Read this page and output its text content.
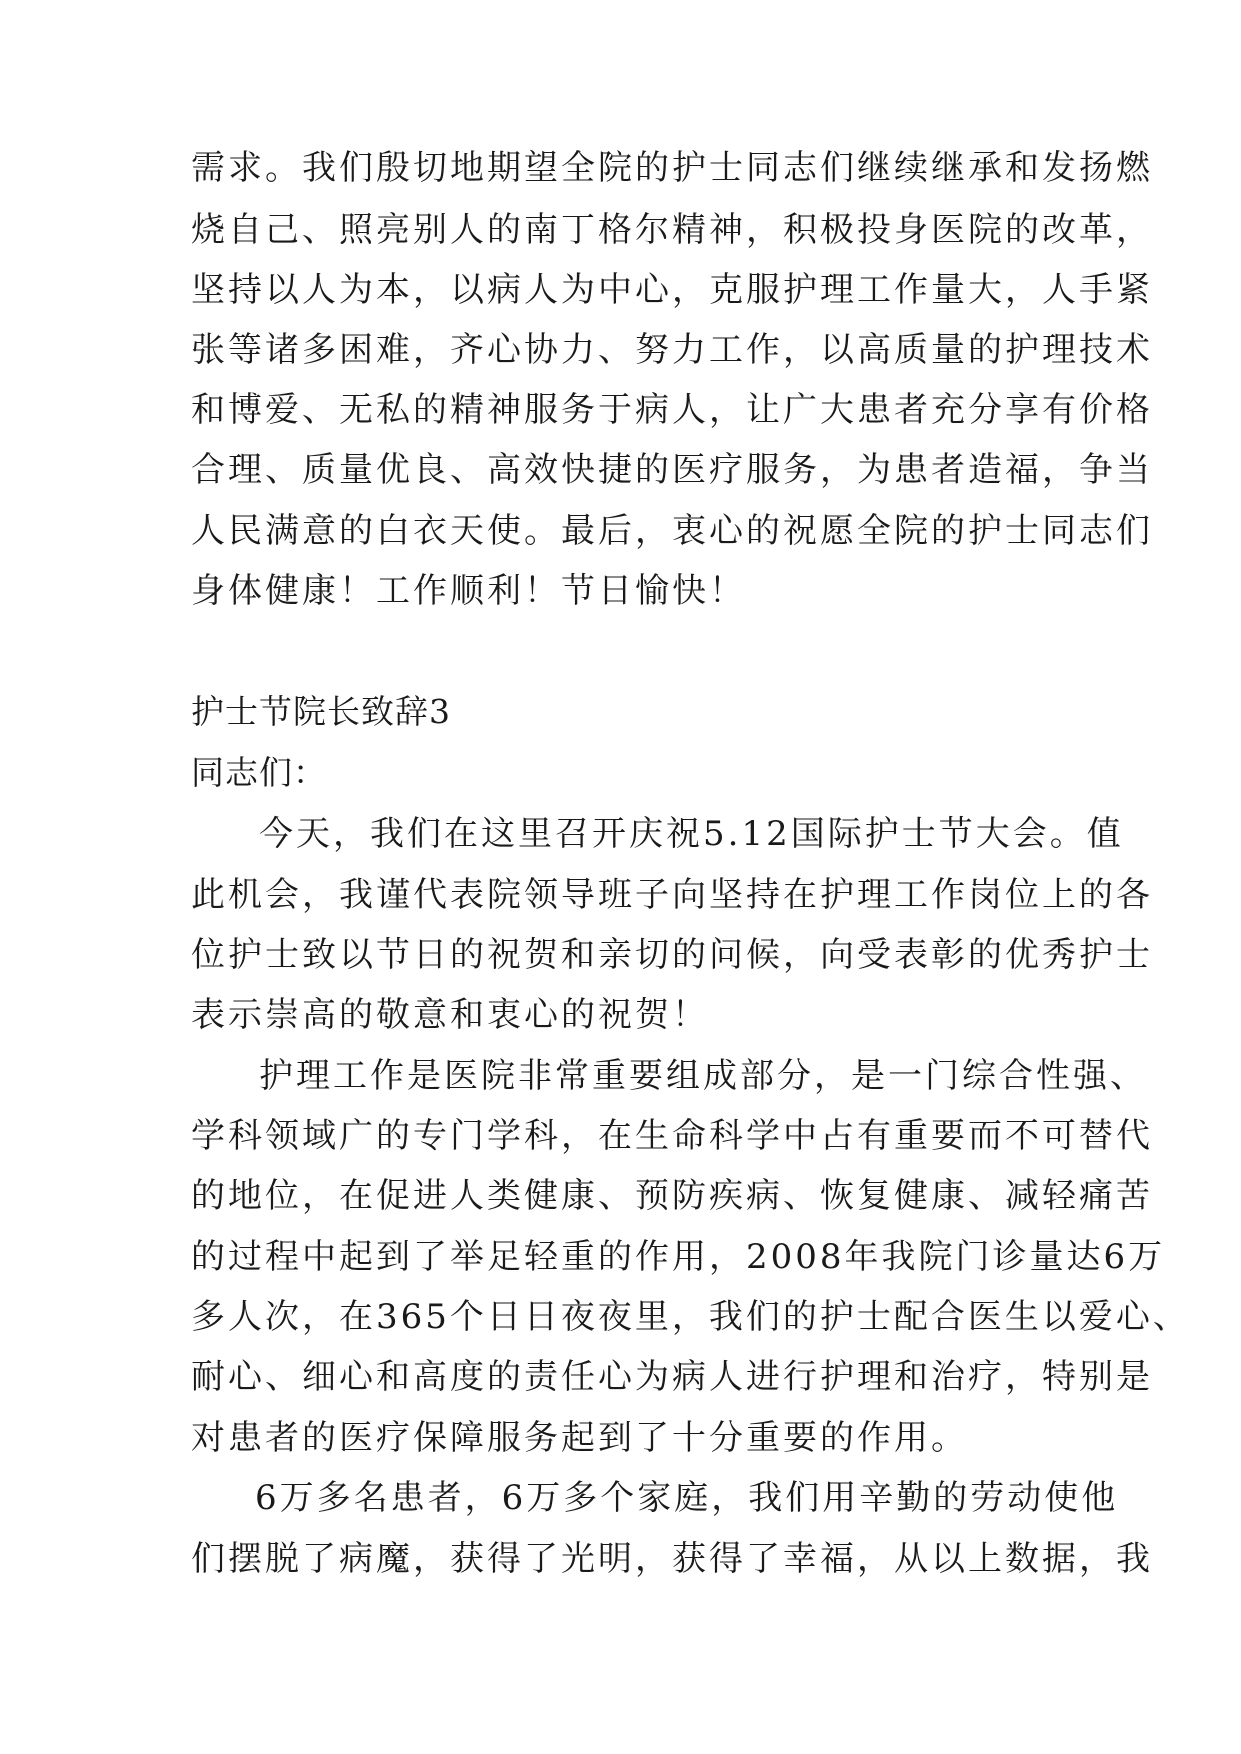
需求。我们殷切地期望全院的护士同志们继续继承和发扬燃
烧自己、照亮别人的南丁格尔精神，积极投身医院的改革，
坚持以人为本，以病人为中心，克服护理工作量大，人手紧
张等诸多困难，齐心协力、努力工作，以高质量的护理技术
和博爱、无私的精神服务于病人，让广大患者充分享有价格
合理、质量优良、高效快捷的医疗服务，为患者造福，争当
人民满意的白衣天使。最后，衷心的祝愿全院的护士同志们
身体健康！工作顺利！节日愉快！
护士节院长致辞3
同志们：
今天，我们在这里召开庆祝5.12国际护士节大会。值
此机会，我谨代表院领导班子向坚持在护理工作岗位上的各
位护士致以节日的祝贺和亲切的问候，向受表彰的优秀护士
表示崇高的敬意和衷心的祝贺！
护理工作是医院非常重要组成部分，是一门综合性强、
学科领域广的专门学科，在生命科学中占有重要而不可替代
的地位，在促进人类健康、预防疾病、恢复健康、减轻痛苦
的过程中起到了举足轻重的作用，2008年我院门诊量达6万
多人次，在365个日日夜夜里，我们的护士配合医生以爱心、
耐心、细心和高度的责任心为病人进行护理和治疗，特别是
对患者的医疗保障服务起到了十分重要的作用。
6万多名患者，6万多个家庭，我们用辛勤的劳动使他
们摆脱了病魔，获得了光明，获得了幸福，从以上数据，我
